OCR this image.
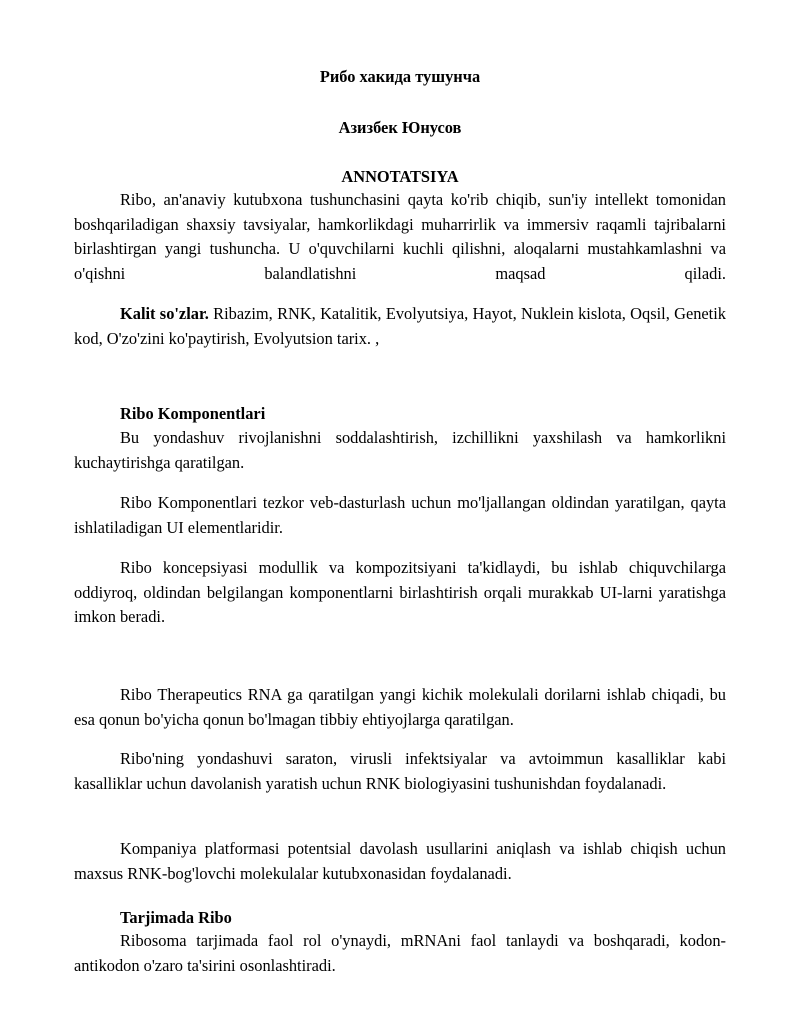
Рибо хакида тушунча
Азизбек Юнусов
ANNOTATSIYA
Ribo, an'anaviy kutubxona tushunchasini qayta ko'rib chiqib, sun'iy intellekt tomonidan boshqariladigan shaxsiy tavsiyalar, hamkorlikdagi muharrirlik va immersiv raqamli tajribalarni birlashtirgan yangi tushuncha. U o'quvchilarni kuchli qilishni, aloqalarni mustahkamlashni va o'qishni balandlatishni maqsad qiladi.
Kalit so'zlar. Ribazim, RNK, Katalitik, Evolyutsiya, Hayot, Nuklein kislota, Oqsil, Genetik kod, O'zo'zini ko'paytirish, Evolyutsion tarix. ,
Ribo Komponentlari
Bu yondashuv rivojlanishni soddalashtirish, izchillikni yaxshilash va hamkorlikni kuchaytirishga qaratilgan.
Ribo Komponentlari tezkor veb-dasturlash uchun mo'ljallangan oldindan yaratilgan, qayta ishlatiladigan UI elementlaridir.
Ribo koncepsiyasi modullik va kompozitsiyani ta'kidlaydi, bu ishlab chiquvchilarga oddiyroq, oldindan belgilangan komponentlarni birlashtirish orqali murakkab UI-larni yaratishga imkon beradi.
Ribo Therapeutics RNA ga qaratilgan yangi kichik molekulali dorilarni ishlab chiqadi, bu esa qonun bo'yicha qonun bo'lmagan tibbiy ehtiyojlarga qaratilgan.
Ribo'ning yondashuvi saraton, virusli infektsiyalar va avtoimmun kasalliklar kabi kasalliklar uchun davolanish yaratish uchun RNK biologiyasini tushunishdan foydalanadi.
Kompaniya platformasi potentsial davolash usullarini aniqlash va ishlab chiqish uchun maxsus RNK-bog'lovchi molekulalar kutubxonasidan foydalanadi.
Tarjimada Ribo
Ribosoma tarjimada faol rol o'ynaydi, mRNAni faol tanlaydi va boshqaradi, kodon-antikodon o'zaro ta'sirini osonlashtiradi.
